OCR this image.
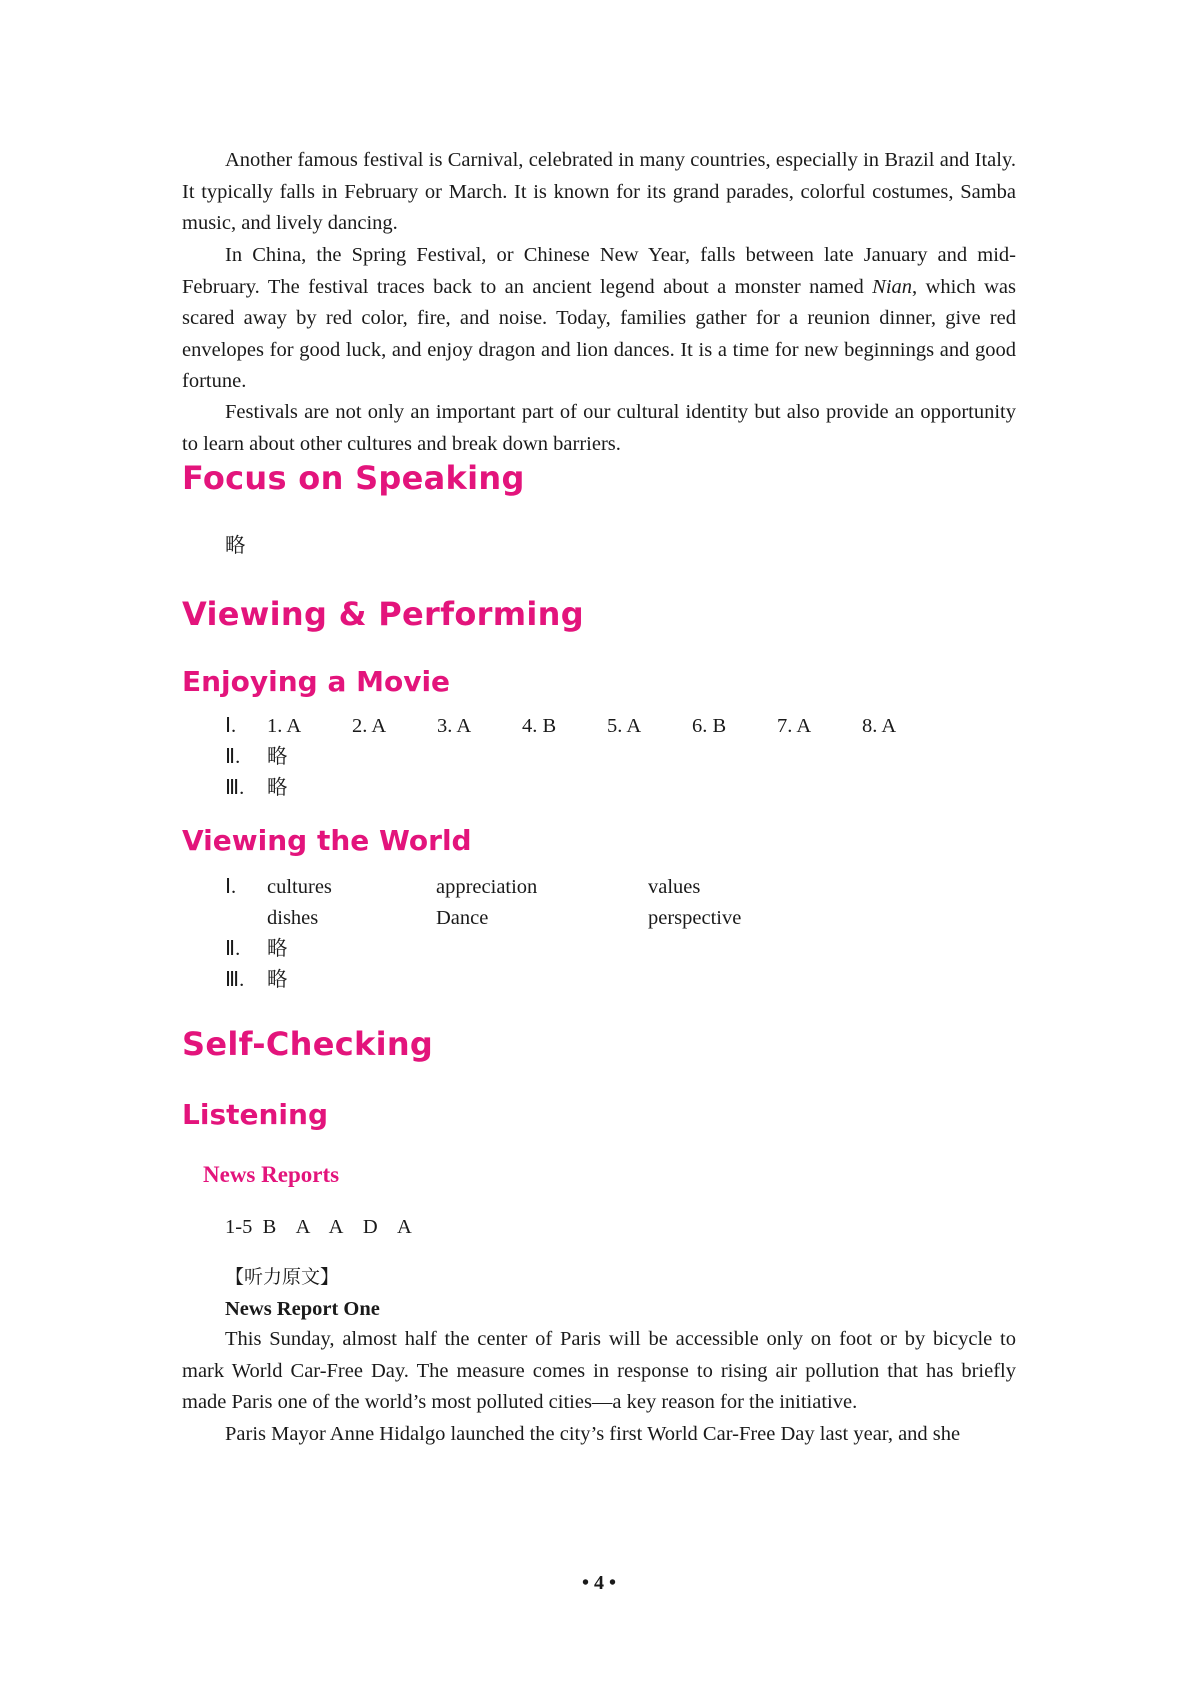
Another famous festival is Carnival, celebrated in many countries, especially in Brazil and Italy. It typically falls in February or March. It is known for its grand parades, colorful costumes, Samba music, and lively dancing.

In China, the Spring Festival, or Chinese New Year, falls between late January and mid-February. The festival traces back to an ancient legend about a monster named Nian, which was scared away by red color, fire, and noise. Today, families gather for a reunion dinner, give red envelopes for good luck, and enjoy dragon and lion dances. It is a time for new beginnings and good fortune.

Festivals are not only an important part of our cultural identity but also provide an opportunity to learn about other cultures and break down barriers.

Focus on Speaking
略
Viewing & Performing
Enjoying a Movie
Ⅰ. 1. A 2. A 3. A 4. B 5. A 6. B 7. A 8. A
Ⅱ. 略
Ⅲ. 略
Viewing the World
Ⅰ. cultures	appreciation	values
dishes	Dance	perspective
Ⅱ. 略
Ⅲ. 略
Self-Checking
Listening
News Reports
1-5  B    A    A    D    A
【听力原文】
News Report One

This Sunday, almost half the center of Paris will be accessible only on foot or by bicycle to mark World Car-Free Day. The measure comes in response to rising air pollution that has briefly made Paris one of the world’s most polluted cities—a key reason for the initiative.

Paris Mayor Anne Hidalgo launched the city’s first World Car-Free Day last year, and she

• 4 •
